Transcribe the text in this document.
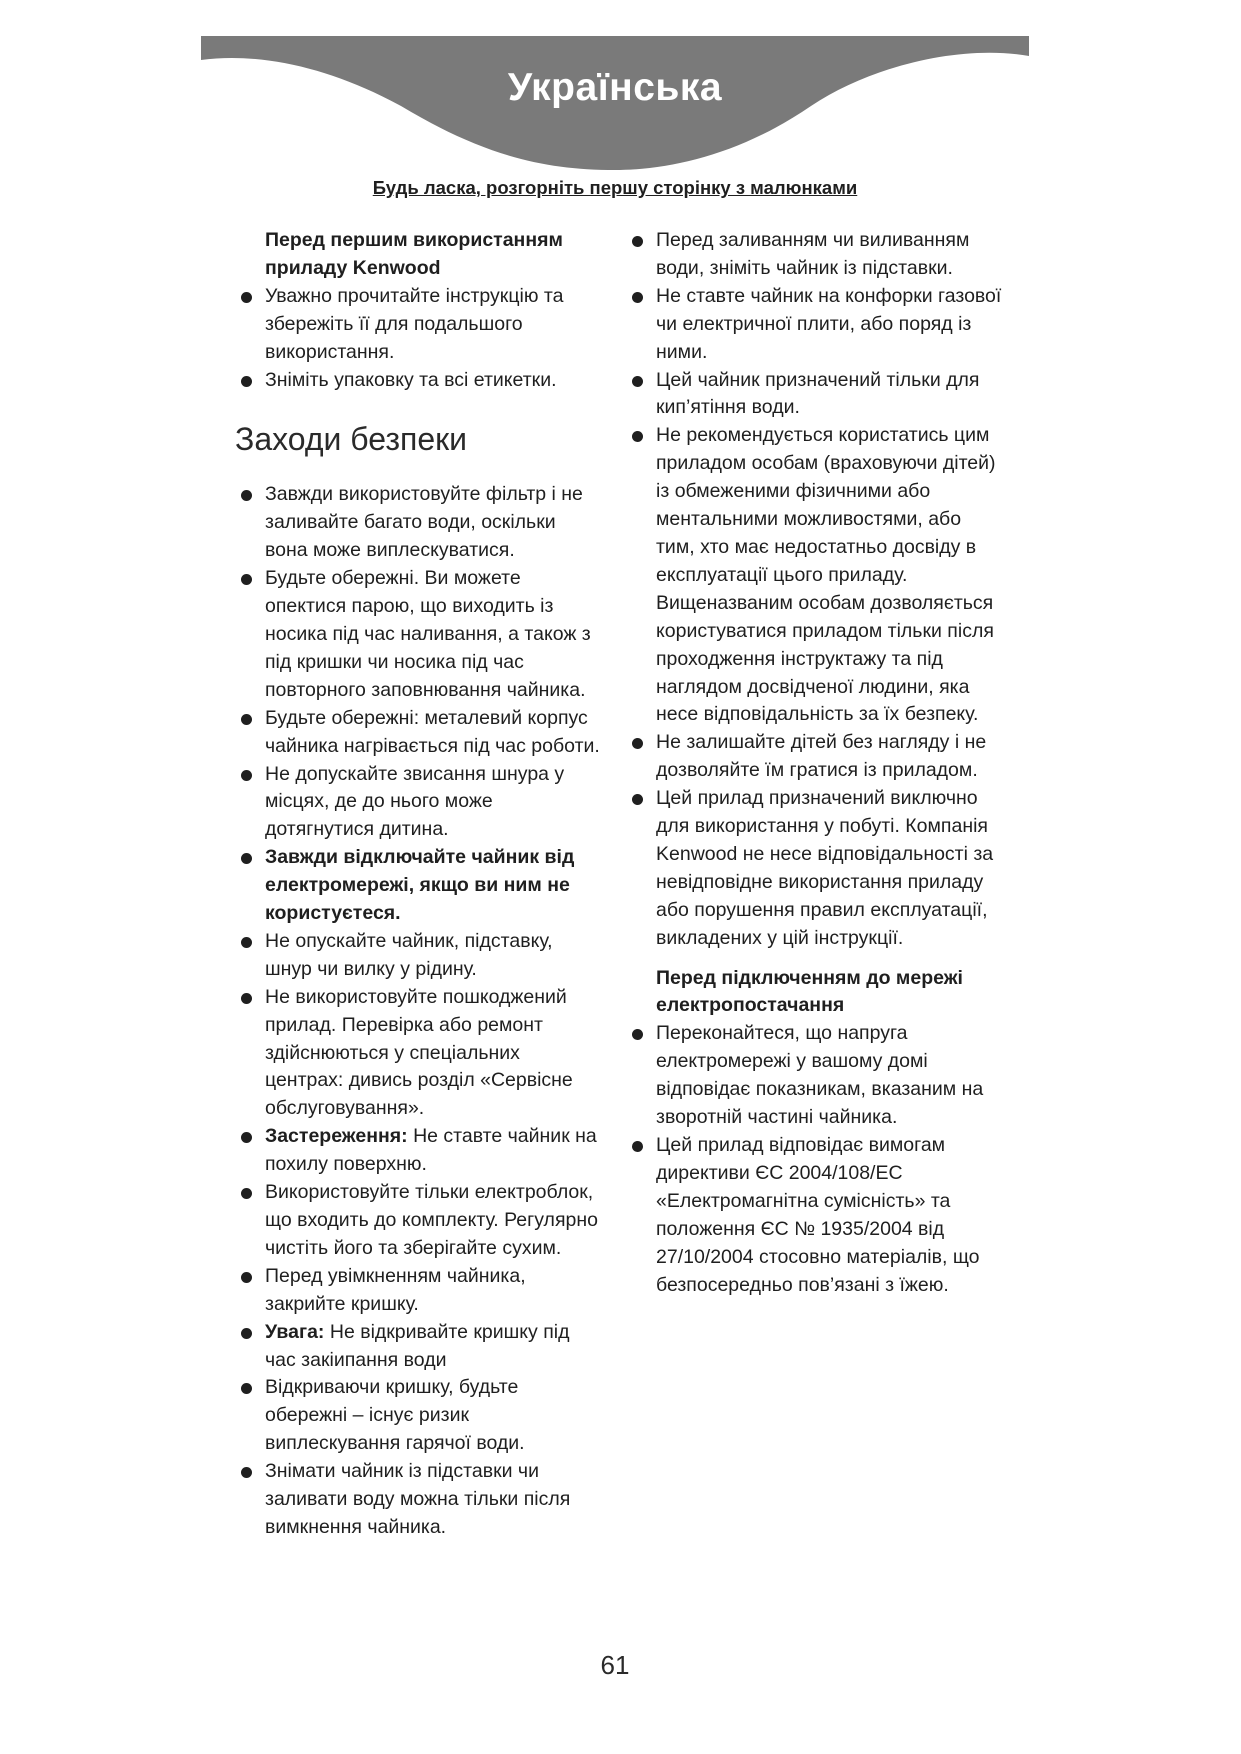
Українська
Будь ласка, розгорніть першу сторінку з малюнками
Перед першим використанням приладу Kenwood
Уважно прочитайте інструкцію та збережіть її для подальшого використання.
Зніміть упаковку та всі етикетки.
Заходи безпеки
Завжди використовуйте фільтр і не заливайте багато води, оскільки вона може виплескуватися.
Будьте обережні. Ви можете опектися парою, що виходить із носика під час наливання, а також з під кришки чи носика під час повторного заповнювання чайника.
Будьте обережні: металевий корпус чайника нагрівається під час роботи.
Не допускайте звисання шнура у місцях, де до нього може дотягнутися дитина.
Завжди відключайте чайник від електромережі, якщо ви ним не користуєтеся.
Не опускайте чайник, підставку, шнур чи вилку у рідину.
Не використовуйте пошкоджений прилад. Перевірка або ремонт здійснюються у спеціальних центрах: дивись розділ «Сервісне обслуговування».
Застереження: Не ставте чайник на похилу поверхню.
Використовуйте тільки електроблок, що входить до комплекту. Регулярно чистіть його та зберігайте сухим.
Перед увімкненням чайника, закрийте кришку.
Увага: Не відкривайте кришку під час закіипання води
Відкриваючи кришку, будьте обережні – існує ризик виплескування гарячої води.
Знімати чайник із підставки чи заливати воду можна тільки після вимкнення чайника.
Перед заливанням чи виливанням води, зніміть чайник із підставки.
Не ставте чайник на конфорки газової чи електричної плити, або поряд із ними.
Цей чайник призначений тільки для кип’ятіння води.
Не рекомендується користатись цим приладом особам (враховуючи дітей) із обмеженими фізичними або ментальними можливостями, або тим, хто має недостатньо досвіду в експлуатації цього приладу. Вищеназваним особам дозволяється користуватися приладом тільки після проходження інструктажу та під наглядом досвідченої людини, яка несе відповідальність за їх безпеку.
Не залишайте дітей без нагляду і не дозволяйте їм гратися із приладом.
Цей прилад призначений виключно для використання у побуті. Компанія Kenwood не несе відповідальності за невідповідне використання приладу або порушення правил експлуатації, викладених у цій інструкції.
Перед підключенням до мережі електропостачання
Переконайтеся, що напруга електромережі у вашому домі відповідає показникам, вказаним на зворотній частині чайника.
Цей прилад відповідає вимогам директиви ЄС 2004/108/ЕС «Електромагнітна сумісність» та положення ЄС № 1935/2004 від 27/10/2004 стосовно матеріалів, що безпосередньо пов’язані з їжею.
61
